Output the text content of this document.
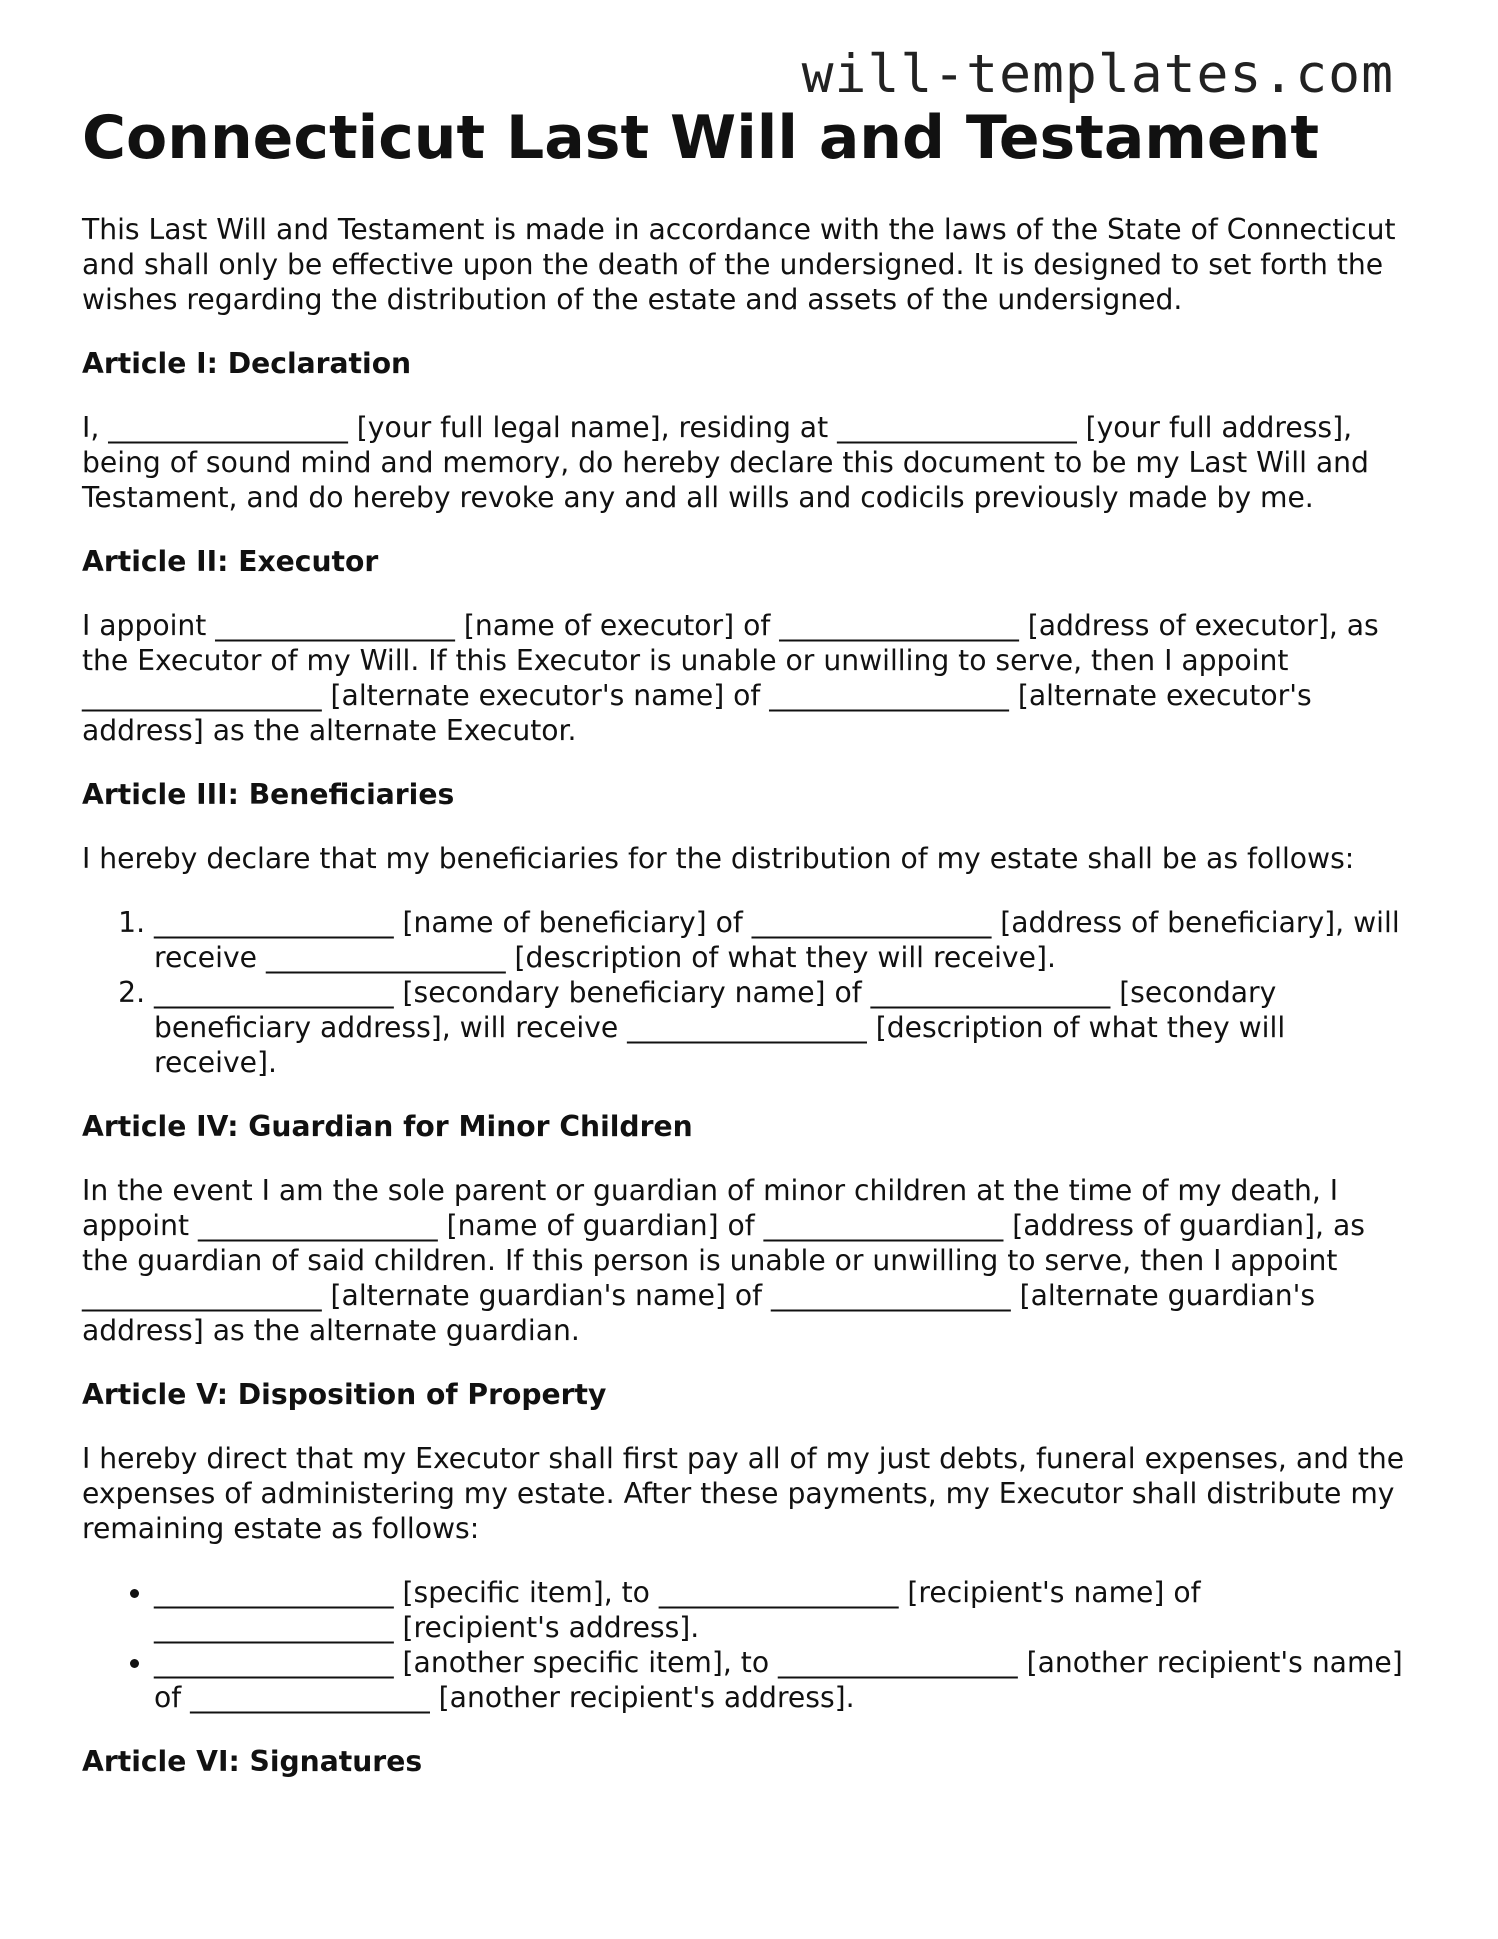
will-templates.com
Connecticut Last Will and Testament

This Last Will and Testament is made in accordance with the laws of the State of Connecticut and shall only be effective upon the death of the undersigned. It is designed to set forth the wishes regarding the distribution of the estate and assets of the undersigned.

Article I: Declaration

I, _________________ [your full legal name], residing at _________________ [your full address], being of sound mind and memory, do hereby declare this document to be my Last Will and Testament, and do hereby revoke any and all wills and codicils previously made by me.

Article II: Executor

I appoint _________________ [name of executor] of _________________ [address of executor], as the Executor of my Will. If this Executor is unable or unwilling to serve, then I appoint _________________ [alternate executor's name] of _________________ [alternate executor's address] as the alternate Executor.

Article III: Beneficiaries

I hereby declare that my beneficiaries for the distribution of my estate shall be as follows:

1. _________________ [name of beneficiary] of _________________ [address of beneficiary], will receive _________________ [description of what they will receive].
2. _________________ [secondary beneficiary name] of _________________ [secondary beneficiary address], will receive _________________ [description of what they will receive].
Article IV: Guardian for Minor Children

In the event I am the sole parent or guardian of minor children at the time of my death, I appoint _________________ [name of guardian] of _________________ [address of guardian], as the guardian of said children. If this person is unable or unwilling to serve, then I appoint _________________ [alternate guardian's name] of _________________ [alternate guardian's address] as the alternate guardian.

Article V: Disposition of Property

I hereby direct that my Executor shall first pay all of my just debts, funeral expenses, and the expenses of administering my estate. After these payments, my Executor shall distribute my remaining estate as follows:

• _________________ [specific item], to _________________ [recipient's name] of _________________ [recipient's address].
• _________________ [another specific item], to _________________ [another recipient's name] of _________________ [another recipient's address].
Article VI: Signatures
